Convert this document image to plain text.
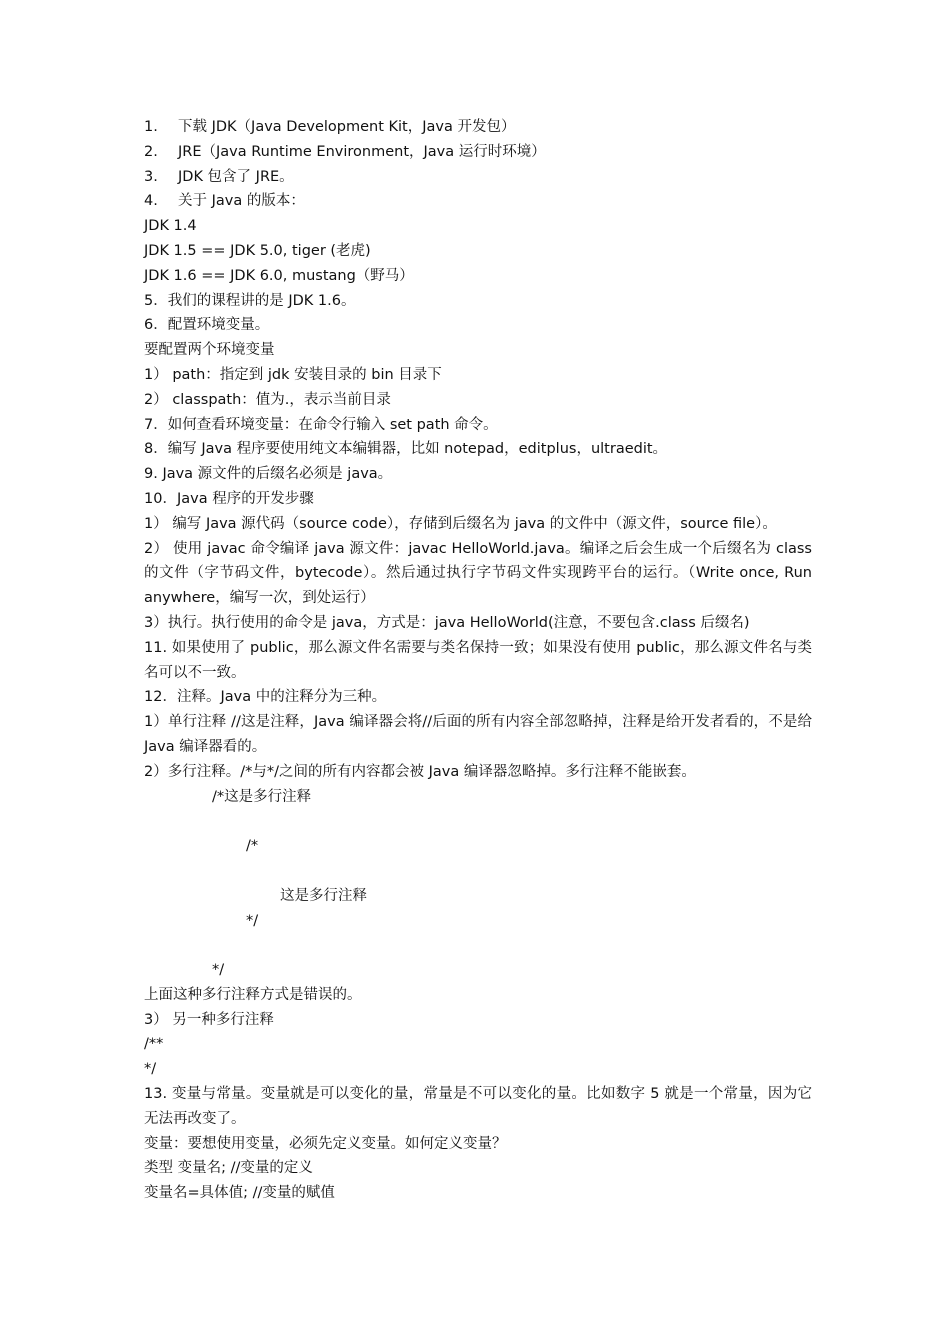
1.	下载 JDK（Java Development Kit，Java 开发包）
2.	JRE（Java Runtime Environment，Java 运行时环境）
3.	JDK 包含了 JRE。
4.	关于 Java 的版本：

JDK 1.4

JDK 1.5 == JDK 5.0, tiger (老虎)

JDK 1.6 == JDK 6.0, mustang（野马）

5．我们的课程讲的是 JDK 1.6。

6．配置环境变量。

要配置两个环境变量

1） path：指定到 jdk 安装目录的 bin 目录下

2） classpath：值为.，表示当前目录

7．如何查看环境变量：在命令行输入 set path 命令。

8．编写 Java 程序要使用纯文本编辑器，比如 notepad，editplus，ultraedit。

9. Java 源文件的后缀名必须是 java。

10．Java 程序的开发步骤

1） 编写 Java 源代码（source code），存储到后缀名为 java 的文件中（源文件，source file）。

2） 使用 javac 命令编译 java 源文件：javac HelloWorld.java。编译之后会生成一个后缀名为 class 的文件（字节码文件，bytecode）。然后通过执行字节码文件实现跨平台的运行。（Write once, Run anywhere，编写一次，到处运行）

3）执行。执行使用的命令是 java，方式是：java HelloWorld(注意，不要包含.class 后缀名)

11. 如果使用了 public，那么源文件名需要与类名保持一致；如果没有使用 public，那么源文件名与类名可以不一致。

12．注释。Java 中的注释分为三种。

1）单行注释 //这是注释，Java 编译器会将//后面的所有内容全部忽略掉，注释是给开发者看的，不是给 Java 编译器看的。

2）多行注释。/*与*/之间的所有内容都会被 Java 编译器忽略掉。多行注释不能嵌套。

/*这是多行注释

/*

这是多行注释

*/

*/

上面这种多行注释方式是错误的。

3） 另一种多行注释

/**

*/

13. 变量与常量。变量就是可以变化的量，常量是不可以变化的量。比如数字 5 就是一个常量，因为它无法再改变了。

变量：要想使用变量，必须先定义变量。如何定义变量？

类型 变量名; //变量的定义

变量名=具体值; //变量的赋值
